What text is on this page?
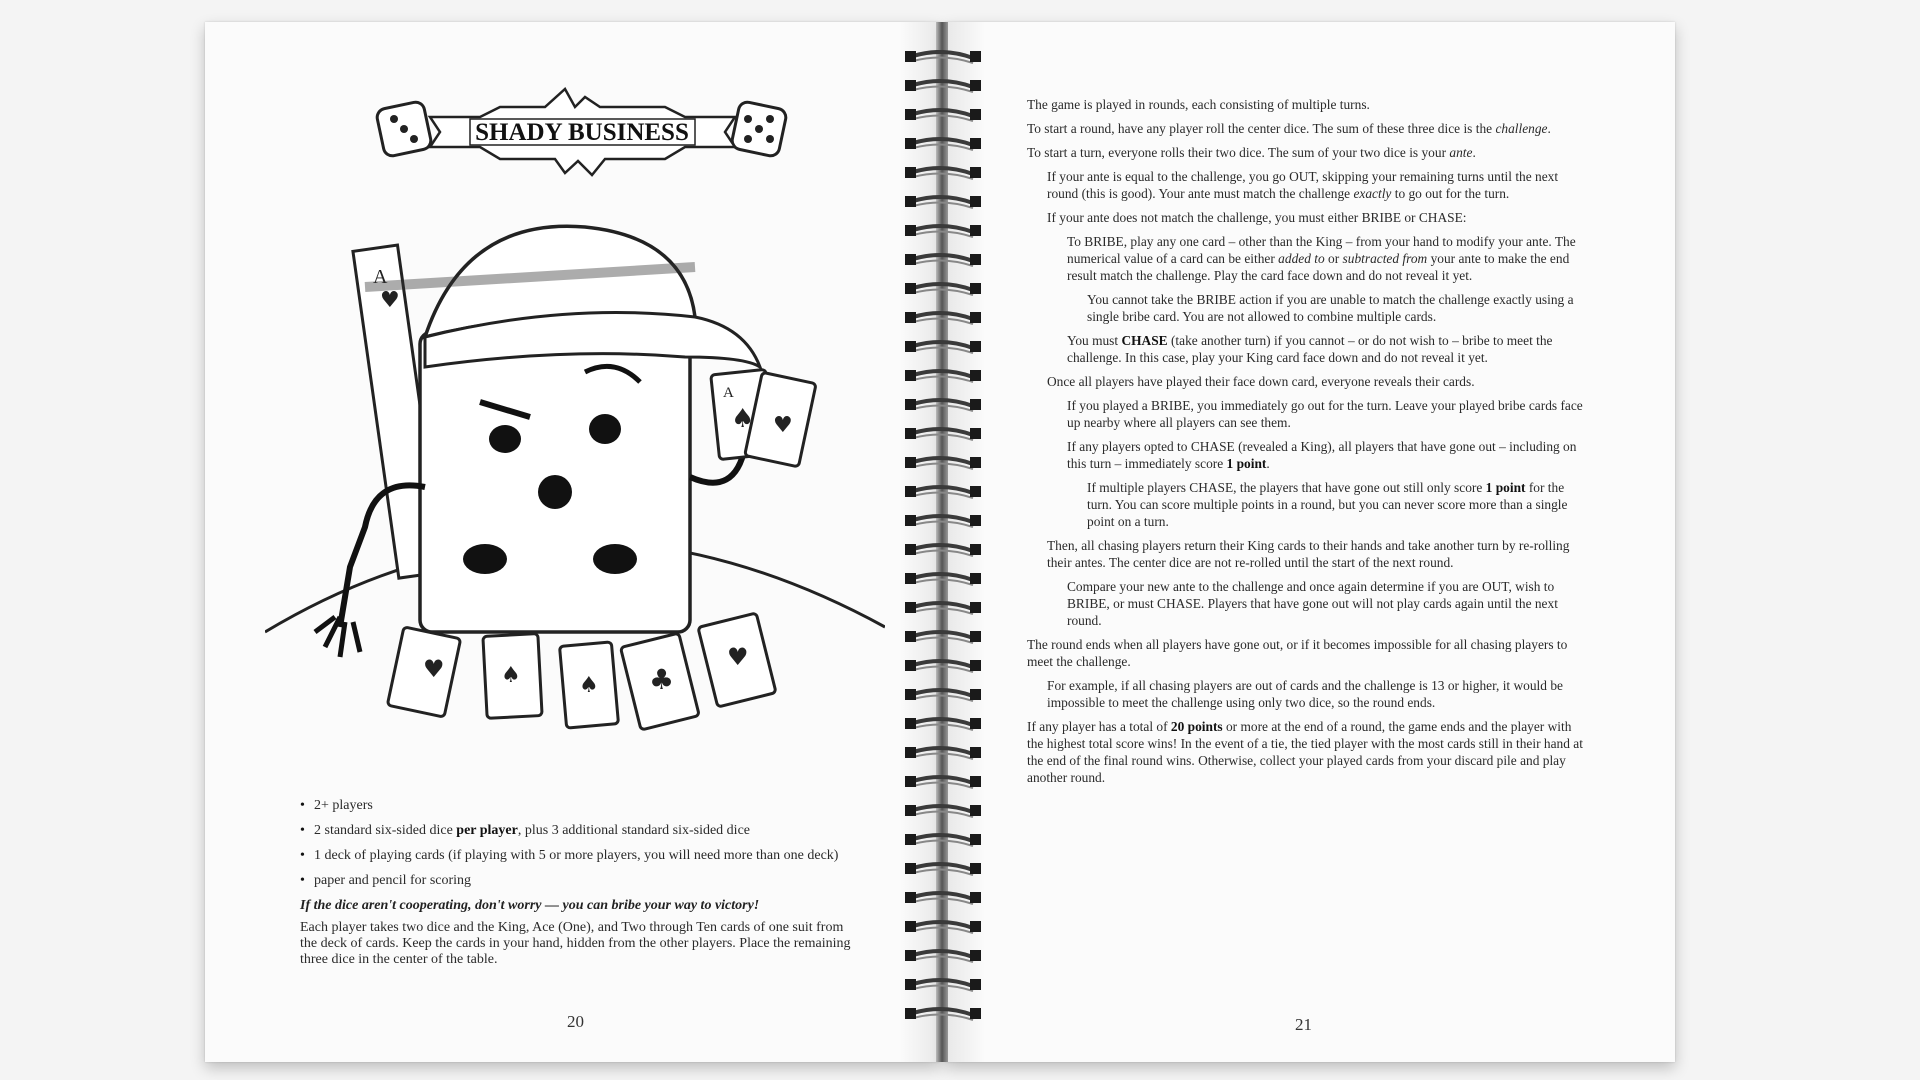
SHADY BUSINESS
A
♥
A
♠ ♥
♥	♠	♠ ♣
♥
• 2+ players
• 2 standard six-sided dice per player, plus 3 additional standard six-sided dice
• 1 deck of playing cards (if playing with 5 or more players, you will need more than one deck)
• paper and pencil for scoring

If the dice aren't cooperating, don't worry — you can bribe your way to victory!

Each player takes two dice and the King, Ace (One), and Two through Ten cards of one suit from the deck of cards. Keep the cards in your hand, hidden from the other players. Place the remaining three dice in the center of the table.

20

The game is played in rounds, each consisting of multiple turns.

To start a round, have any player roll the center dice. The sum of these three dice is the challenge.

To start a turn, everyone rolls their two dice. The sum of your two dice is your ante.

If your ante is equal to the challenge, you go OUT, skipping your remaining turns until the next round (this is good). Your ante must match the challenge exactly to go out for the turn.

If your ante does not match the challenge, you must either BRIBE or CHASE:

To BRIBE, play any one card – other than the King – from your hand to modify your ante. The numerical value of a card can be either added to or subtracted from your ante to make the end result match the challenge. Play the card face down and do not reveal it yet.

You cannot take the BRIBE action if you are unable to match the challenge exactly using a single bribe card. You are not allowed to combine multiple cards.

You must CHASE (take another turn) if you cannot – or do not wish to – bribe to meet the challenge. In this case, play your King card face down and do not reveal it yet.

Once all players have played their face down card, everyone reveals their cards.

If you played a BRIBE, you immediately go out for the turn. Leave your played bribe cards face up nearby where all players can see them.

If any players opted to CHASE (revealed a King), all players that have gone out – including on this turn – immediately score 1 point.

If multiple players CHASE, the players that have gone out still only score 1 point for the turn. You can score multiple points in a round, but you can never score more than a single point on a turn.

Then, all chasing players return their King cards to their hands and take another turn by re-rolling their antes. The center dice are not re-rolled until the start of the next round.

Compare your new ante to the challenge and once again determine if you are OUT, wish to BRIBE, or must CHASE. Players that have gone out will not play cards again until the next round.

The round ends when all players have gone out, or if it becomes impossible for all chasing players to meet the challenge.

For example, if all chasing players are out of cards and the challenge is 13 or higher, it would be impossible to meet the challenge using only two dice, so the round ends.

If any player has a total of 20 points or more at the end of a round, the game ends and the player with the highest total score wins! In the event of a tie, the tied player with the most cards still in their hand at the end of the final round wins. Otherwise, collect your played cards from your discard pile and play another round.

21
